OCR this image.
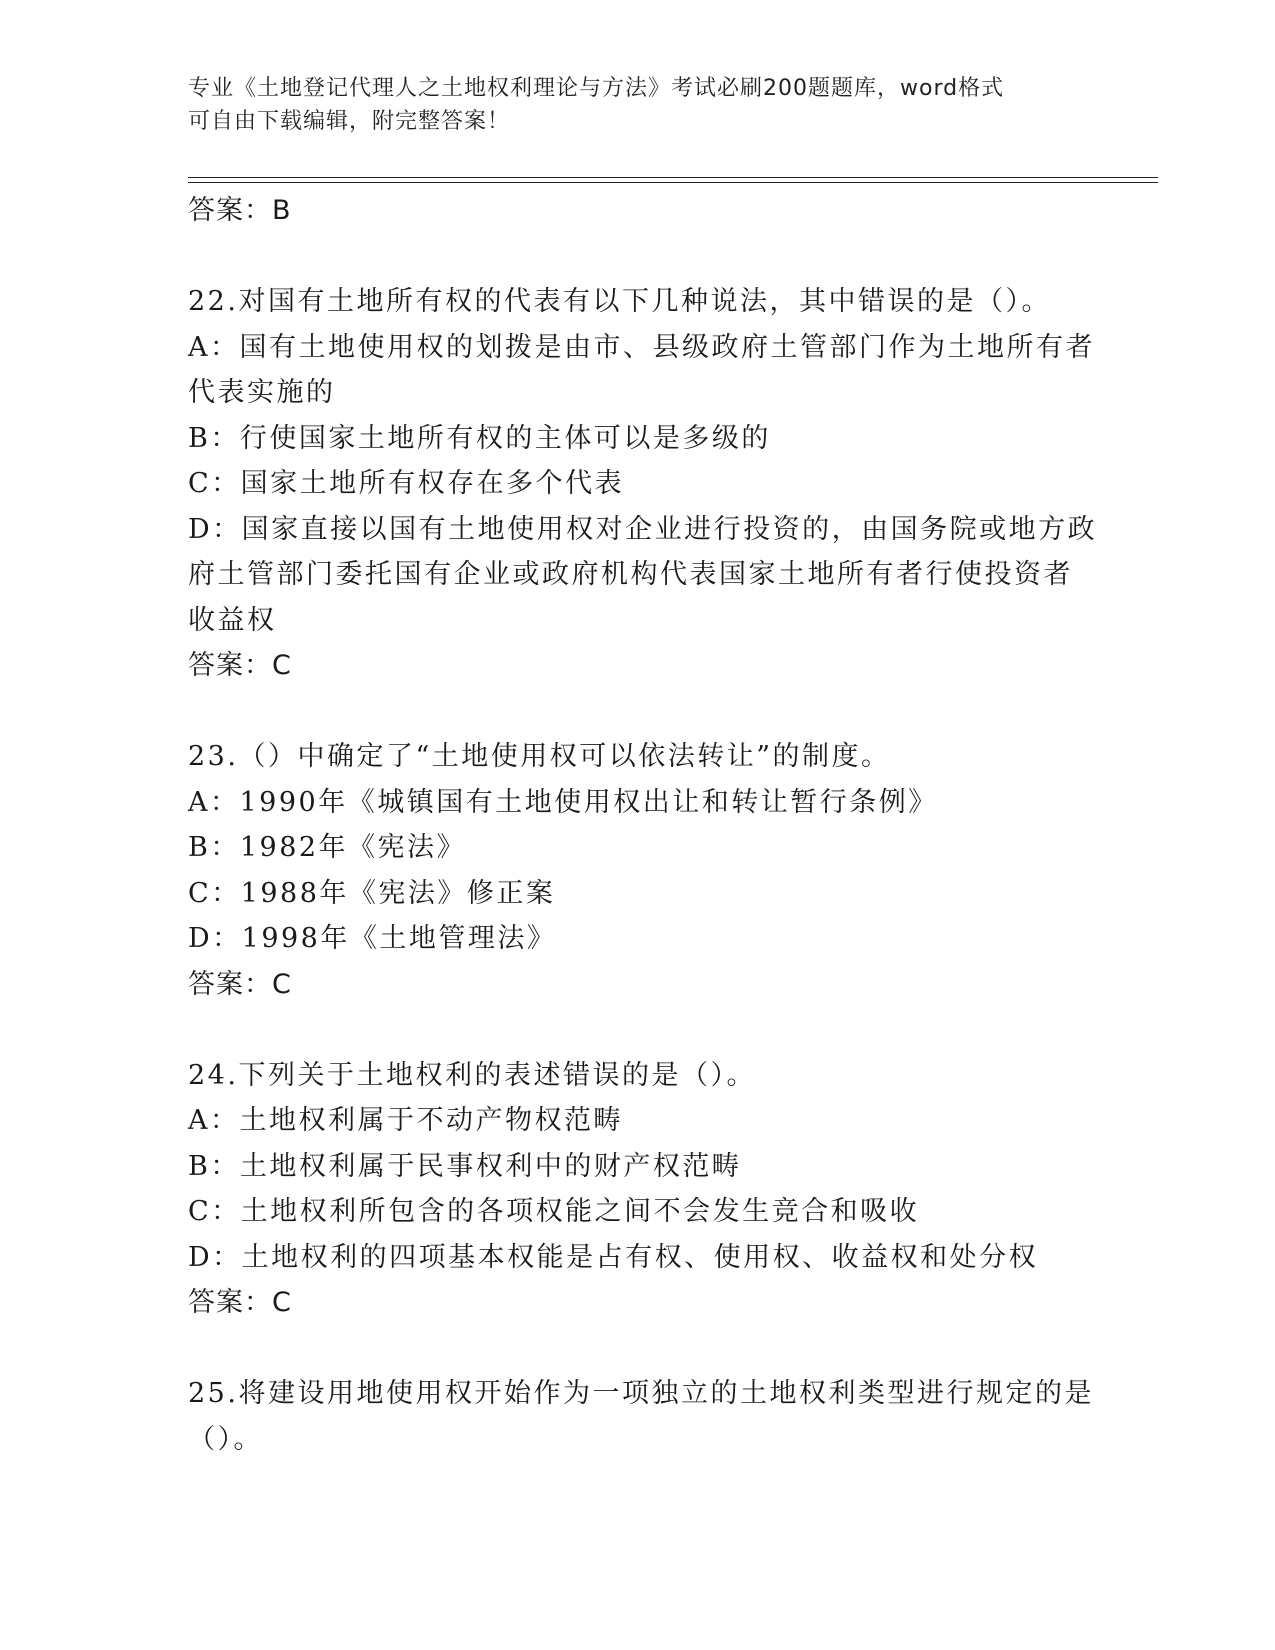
专业《土地登记代理人之土地权利理论与方法》考试必刷200题题库，word格式
可自由下载编辑，附完整答案！
答案：B
22.对国有土地所有权的代表有以下几种说法，其中错误的是（）。
A：国有土地使用权的划拨是由市、县级政府土管部门作为土地所有者
代表实施的
B：行使国家土地所有权的主体可以是多级的
C：国家土地所有权存在多个代表
D：国家直接以国有土地使用权对企业进行投资的，由国务院或地方政
府土管部门委托国有企业或政府机构代表国家土地所有者行使投资者
收益权
答案：C
23.（）中确定了“土地使用权可以依法转让”的制度。
A：1990年《城镇国有土地使用权出让和转让暂行条例》
B：1982年《宪法》
C：1988年《宪法》修正案
D：1998年《土地管理法》
答案：C
24.下列关于土地权利的表述错误的是（）。
A：土地权利属于不动产物权范畴
B：土地权利属于民事权利中的财产权范畴
C：土地权利所包含的各项权能之间不会发生竞合和吸收
D：土地权利的四项基本权能是占有权、使用权、收益权和处分权
答案：C
25.将建设用地使用权开始作为一项独立的土地权利类型进行规定的是
（）。
